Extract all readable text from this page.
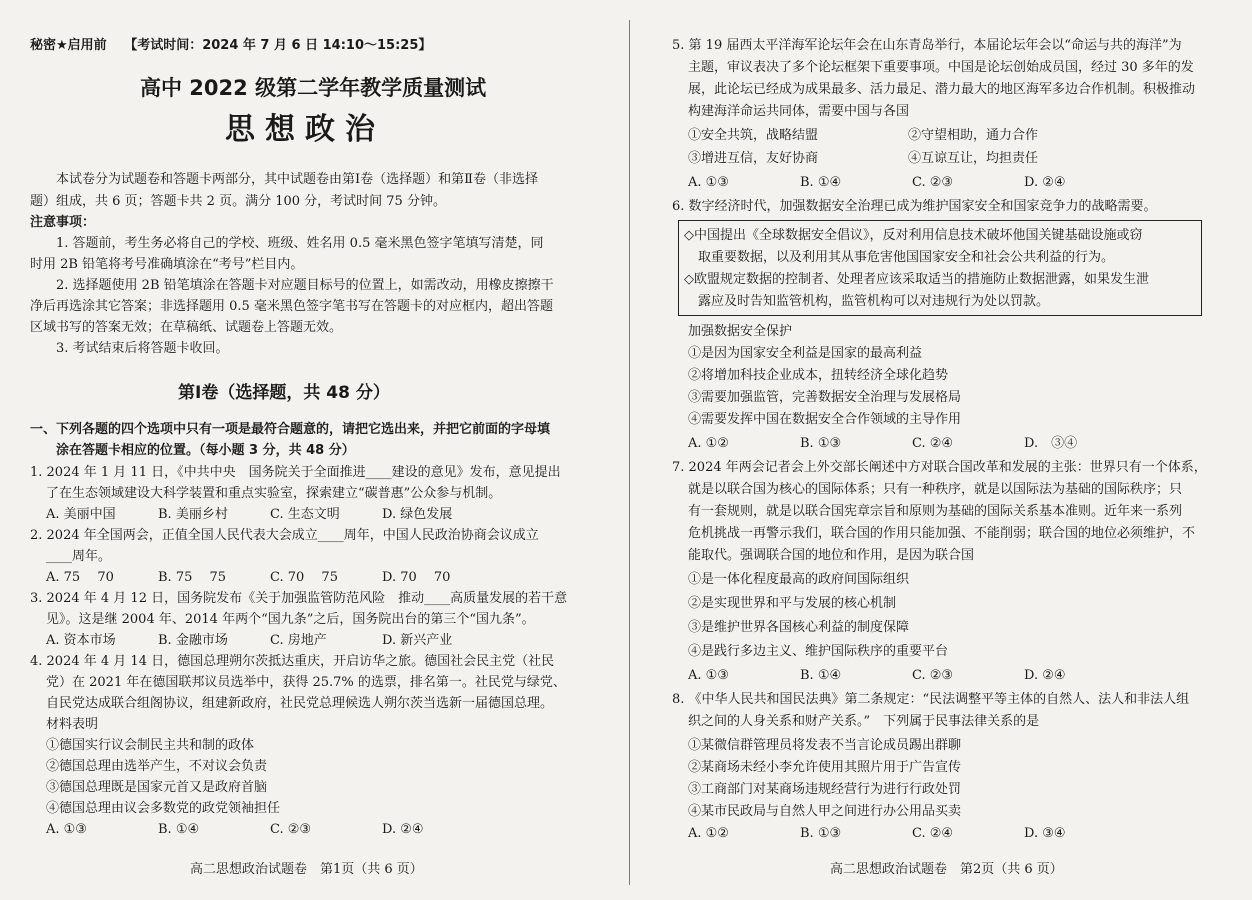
秘密★启用前　 【考试时间：2024 年 7 月 6 日 14:10～15:25】
高中 2022 级第二学年教学质量测试
思想政治
本试卷分为试题卷和答题卡两部分，其中试题卷由第Ⅰ卷（选择题）和第Ⅱ卷（非选择
题）组成，共 6 页；答题卡共 2 页。满分 100 分，考试时间 75 分钟。
注意事项：
1. 答题前，考生务必将自己的学校、班级、姓名用 0.5 毫米黑色签字笔填写清楚，同
时用 2B 铅笔将考号准确填涂在“考号”栏目内。
2. 选择题使用 2B 铅笔填涂在答题卡对应题目标号的位置上，如需改动，用橡皮擦擦干
净后再选涂其它答案；非选择题用 0.5 毫米黑色签字笔书写在答题卡的对应框内，超出答题
区域书写的答案无效；在草稿纸、试题卷上答题无效。
3. 考试结束后将答题卡收回。
第Ⅰ卷（选择题，共 48 分）
一、下列各题的四个选项中只有一项是最符合题意的，请把它选出来，并把它前面的字母填
涂在答题卡相应的位置。（每小题 3 分，共 48 分）
1. 2024 年 1 月 11 日，《中共中央　国务院关于全面推进____建设的意见》发布，意见提出
了在生态领域建设大科学装置和重点实验室，探索建立“碳普惠”公众参与机制。
A. 美丽中国	B. 美丽乡村	C. 生态文明	D. 绿色发展
2. 2024 年全国两会，正值全国人民代表大会成立____周年，中国人民政治协商会议成立
____周年。
A. 75　 70	B. 75　 75	C. 70　 75	D. 70　 70
3. 2024 年 4 月 12 日，国务院发布《关于加强监管防范风险　推动____高质量发展的若干意
见》。这是继 2004 年、2014 年两个“国九条”之后，国务院出台的第三个“国九条”。
A. 资本市场	B. 金融市场	C. 房地产	D. 新兴产业
4. 2024 年 4 月 14 日，德国总理朔尔茨抵达重庆，开启访华之旅。德国社会民主党（社民
党）在 2021 年在德国联邦议员选举中，获得 25.7% 的选票，排名第一。社民党与绿党、
自民党达成联合组阁协议，组建新政府，社民党总理候选人朔尔茨当选新一届德国总理。
材料表明
①德国实行议会制民主共和制的政体
②德国总理由选举产生，不对议会负责
③德国总理既是国家元首又是政府首脑
④德国总理由议会多数党的政党领袖担任
A. ①③	B. ①④	C. ②③	D. ②④
高二思想政治试题卷　第1页（共 6 页）
5. 第 19 届西太平洋海军论坛年会在山东青岛举行，本届论坛年会以“命运与共的海洋”为
主题，审议表决了多个论坛框架下重要事项。中国是论坛创始成员国，经过 30 多年的发
展，此论坛已经成为成果最多、活力最足、潜力最大的地区海军多边合作机制。积极推动
构建海洋命运共同体，需要中国与各国
①安全共筑，战略结盟	②守望相助，通力合作
③增进互信，友好协商	④互谅互让，均担责任
A. ①③	B. ①④	C. ②③	D. ②④
6. 数字经济时代，加强数据安全治理已成为维护国家安全和国家竞争力的战略需要。
◇中国提出《全球数据安全倡议》，反对利用信息技术破坏他国关键基础设施或窃
取重要数据，以及利用其从事危害他国国家安全和社会公共利益的行为。
◇欧盟规定数据的控制者、处理者应该采取适当的措施防止数据泄露，如果发生泄
露应及时告知监管机构，监管机构可以对违规行为处以罚款。
加强数据安全保护
①是因为国家安全利益是国家的最高利益
②将增加科技企业成本，扭转经济全球化趋势
③需要加强监管，完善数据安全治理与发展格局
④需要发挥中国在数据安全合作领域的主导作用
A. ①②	B. ①③	C. ②④	D.　③④
7. 2024 年两会记者会上外交部长阐述中方对联合国改革和发展的主张：世界只有一个体系，
就是以联合国为核心的国际体系；只有一种秩序，就是以国际法为基础的国际秩序；只
有一套规则，就是以联合国宪章宗旨和原则为基础的国际关系基本准则。近年来一系列
危机挑战一再警示我们，联合国的作用只能加强、不能削弱；联合国的地位必须维护，不
能取代。强调联合国的地位和作用，是因为联合国
①是一体化程度最高的政府间国际组织
②是实现世界和平与发展的核心机制
③是维护世界各国核心利益的制度保障
④是践行多边主义、维护国际秩序的重要平台
A. ①③	B. ①④	C. ②③	D. ②④
8. 《中华人民共和国民法典》第二条规定：“民法调整平等主体的自然人、法人和非法人组
织之间的人身关系和财产关系。”　下列属于民事法律关系的是
①某微信群管理员将发表不当言论成员踢出群聊
②某商场未经小李允许使用其照片用于广告宣传
③工商部门对某商场违规经营行为进行行政处罚
④某市民政局与自然人甲之间进行办公用品买卖
A. ①②	B. ①③	C. ②④	D. ③④
高二思想政治试题卷　第2页（共 6 页）
